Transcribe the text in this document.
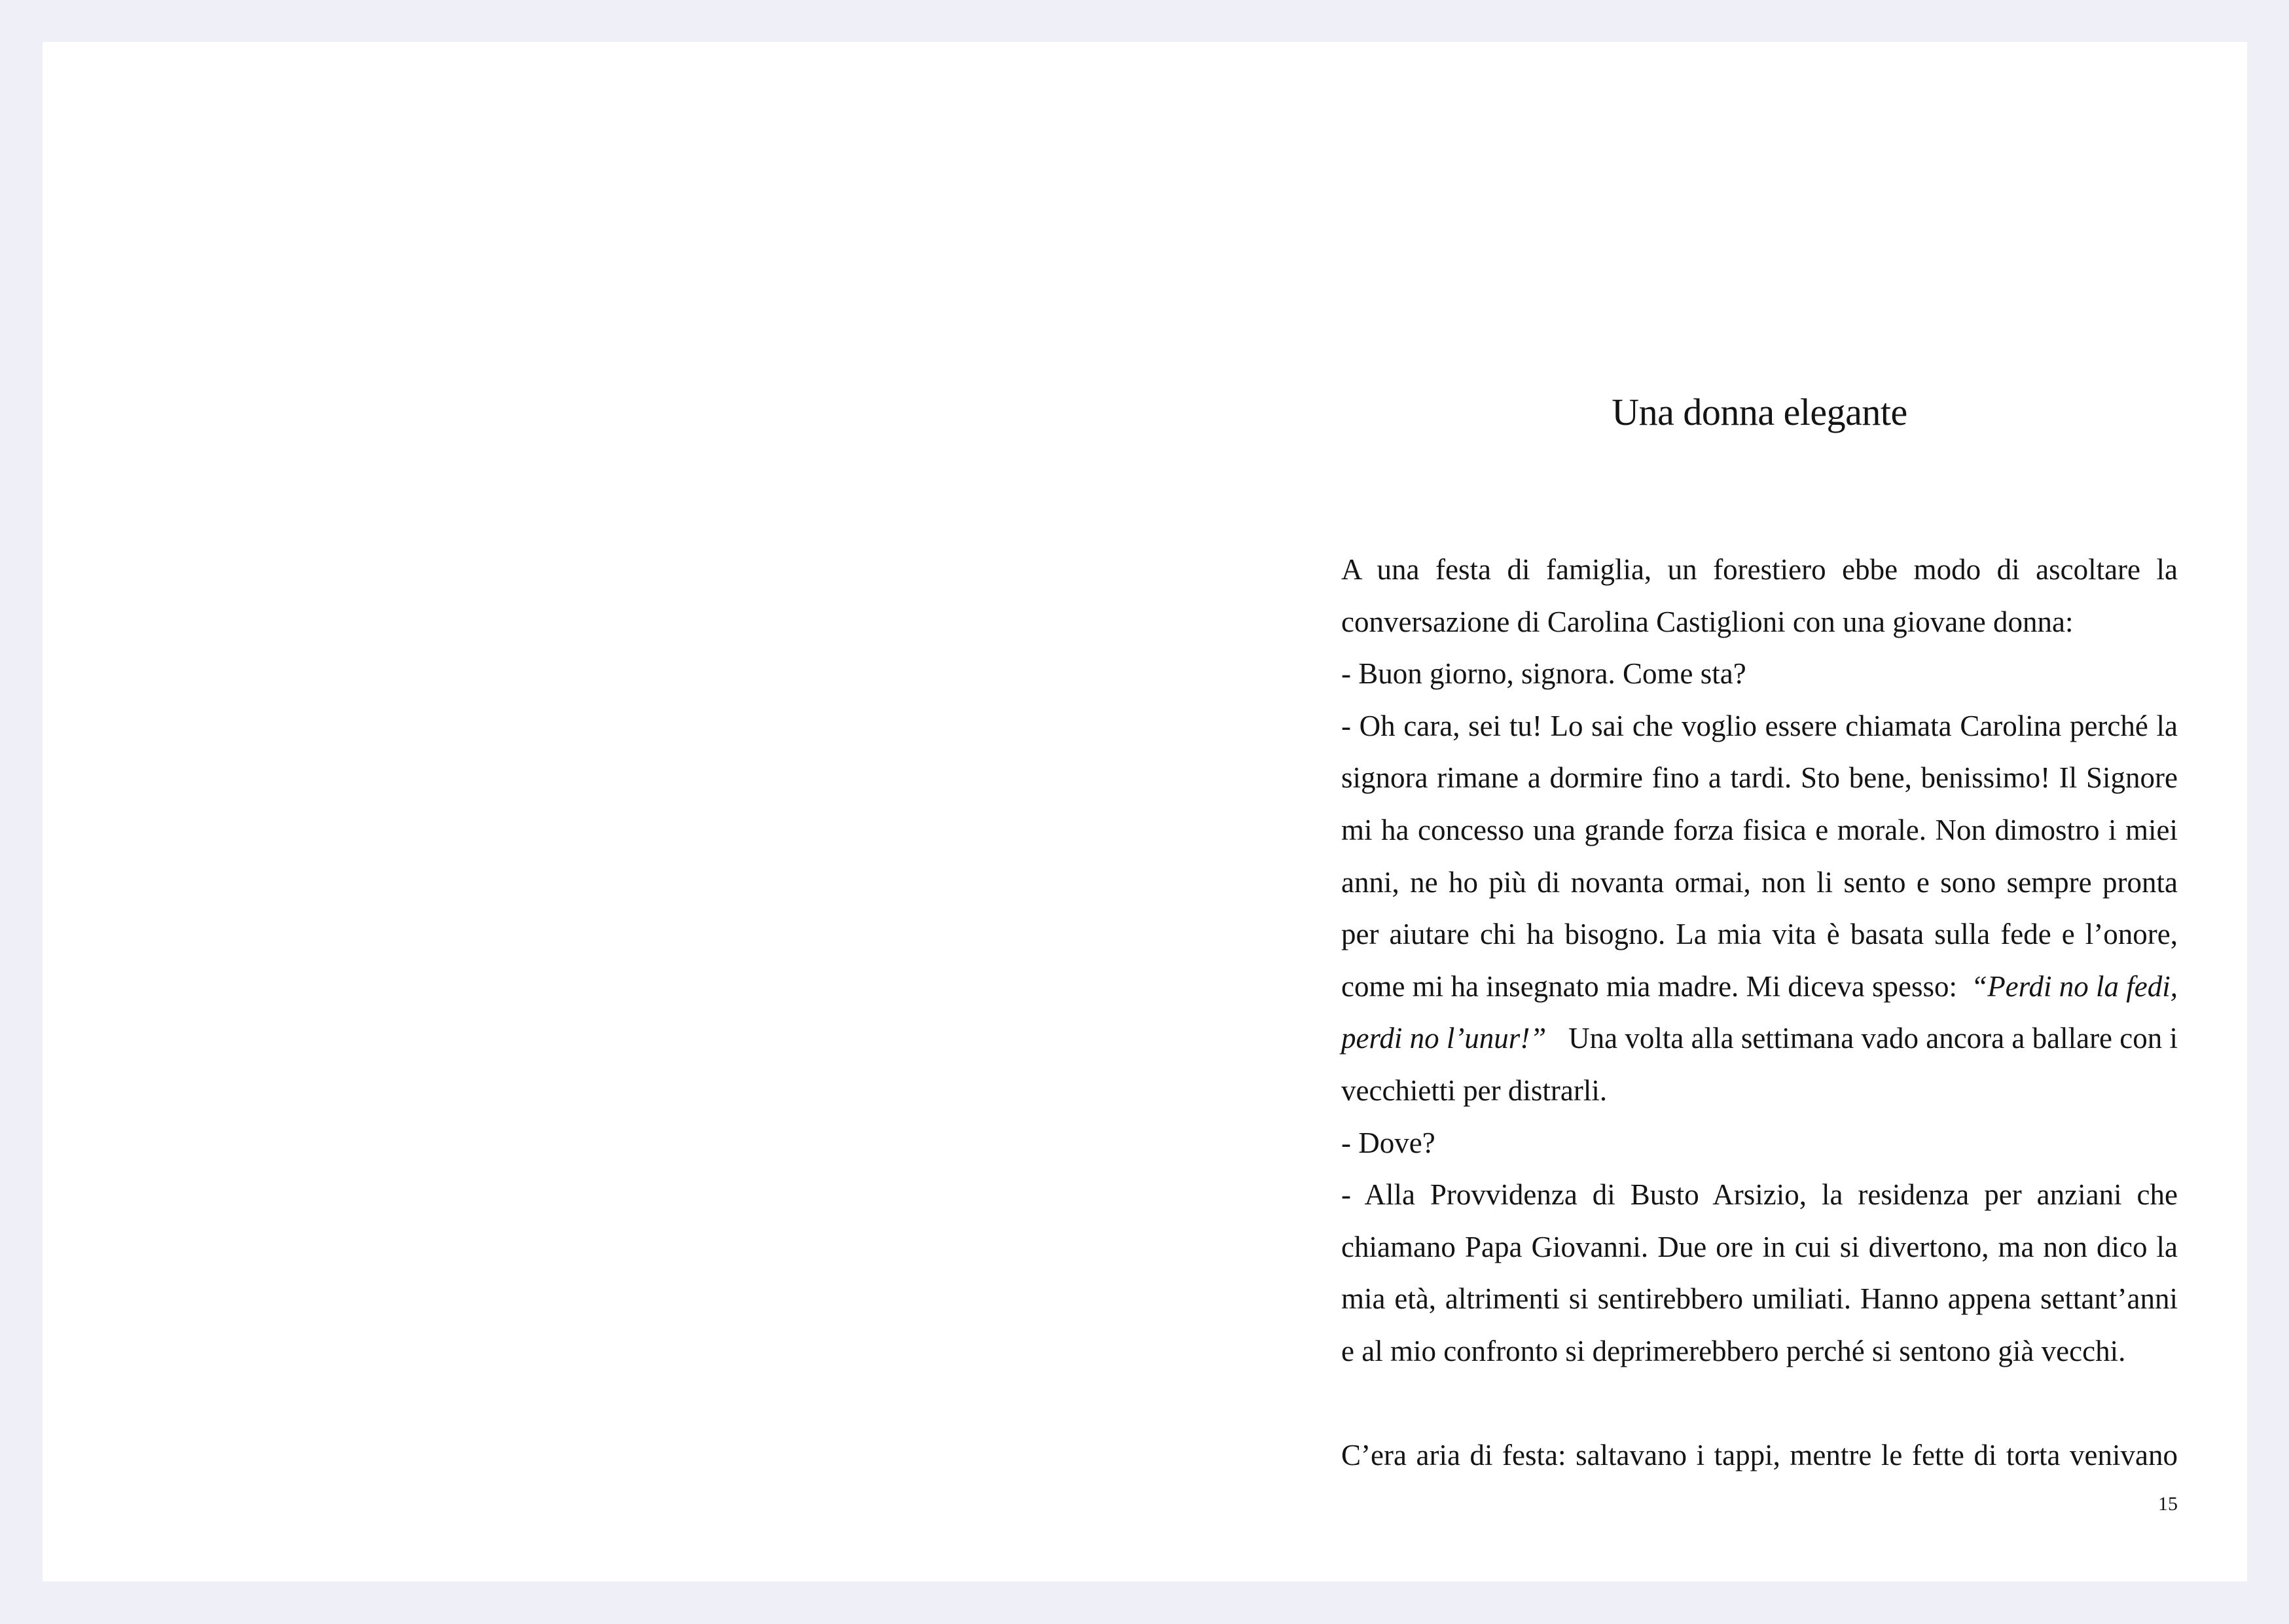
Una donna elegante
A una festa di famiglia, un forestiero ebbe modo di ascoltare la
conversazione di Carolina Castiglioni con una giovane donna:
- Buon giorno, signora. Come sta?
- Oh cara, sei tu! Lo sai che voglio essere chiamata Carolina perché la
signora rimane a dormire fino a tardi. Sto bene, benissimo! Il Signore
mi ha concesso una grande forza fisica e morale. Non dimostro i miei
anni, ne ho più di novanta ormai, non li sento e sono sempre pronta
per aiutare chi ha bisogno. La mia vita è basata sulla fede e l’onore,
come mi ha insegnato mia madre. Mi diceva spesso: “Perdi no la fedi,
perdi no l’unur!” Una volta alla settimana vado ancora a ballare con i
vecchietti per distrarli.
- Dove?
- Alla Provvidenza di Busto Arsizio, la residenza per anziani che
chiamano Papa Giovanni. Due ore in cui si divertono, ma non dico la
mia età, altrimenti si sentirebbero umiliati. Hanno appena settant’anni
e al mio confronto si deprimerebbero perché si sentono già vecchi.
C’era aria di festa: saltavano i tappi, mentre le fette di torta venivano
15
